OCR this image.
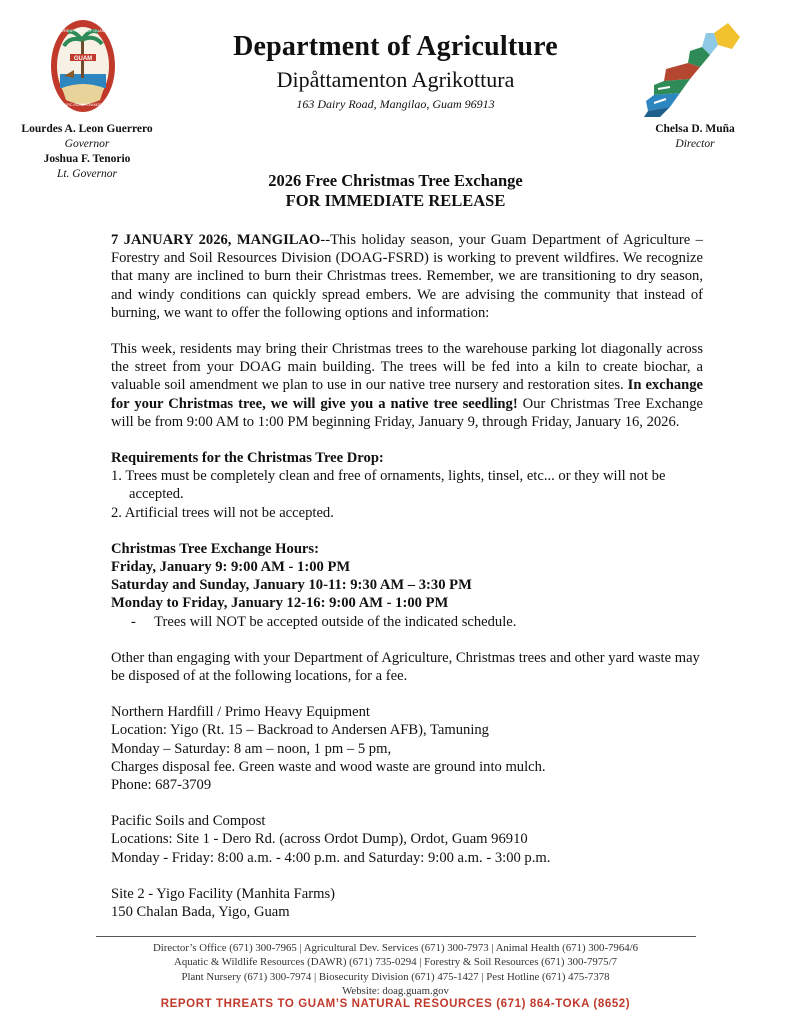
GUAM
GREAT SEAL OF GUAM
PACIFIC ISLAND CHAMORRO
Department of Agriculture
Dipåttamenton Agrikottura
163 Dairy Road, Mangilao, Guam 96913
Lourdes A. Leon Guerrero
Governor
Joshua F. Tenorio
Lt. Governor
Chelsa D. Muña
Director
2026 Free Christmas Tree Exchange
FOR IMMEDIATE RELEASE

7 JANUARY 2026, MANGILAO--This holiday season, your Guam Department of Agriculture – Forestry and Soil Resources Division (DOAG-FSRD) is working to prevent wildfires. We recognize that many are inclined to burn their Christmas trees. Remember, we are transitioning to dry season, and windy conditions can quickly spread embers. We are advising the community that instead of burning, we want to offer the following options and information:

This week, residents may bring their Christmas trees to the warehouse parking lot diagonally across the street from your DOAG main building. The trees will be fed into a kiln to create biochar, a valuable soil amendment we plan to use in our native tree nursery and restoration sites. In exchange for your Christmas tree, we will give you a native tree seedling! Our Christmas Tree Exchange will be from 9:00 AM to 1:00 PM beginning Friday, January 9, through Friday, January 16, 2026.

Requirements for the Christmas Tree Drop:

1. Trees must be completely clean and free of ornaments, lights, tinsel, etc... or they will not be accepted.

2. Artificial trees will not be accepted.

Christmas Tree Exchange Hours:

Friday, January 9: 9:00 AM - 1:00 PM

Saturday and Sunday, January 10-11: 9:30 AM – 3:30 PM

Monday to Friday, January 12-16: 9:00 AM - 1:00 PM

-     Trees will NOT be accepted outside of the indicated schedule.

Other than engaging with your Department of Agriculture, Christmas trees and other yard waste may be disposed of at the following locations, for a fee.

Northern Hardfill / Primo Heavy Equipment

Location: Yigo (Rt. 15 – Backroad to Andersen AFB), Tamuning

Monday – Saturday: 8 am – noon, 1 pm – 5 pm,

Charges disposal fee. Green waste and wood waste are ground into mulch.

Phone: 687-3709

Pacific Soils and Compost

Locations: Site 1 - Dero Rd. (across Ordot Dump), Ordot, Guam 96910

Monday - Friday: 8:00 a.m. - 4:00 p.m. and Saturday: 9:00 a.m. - 3:00 p.m.

Site 2 - Yigo Facility (Manhita Farms)

150 Chalan Bada, Yigo, Guam

Director’s Office (671) 300-7965 | Agricultural Dev. Services (671) 300-7973 | Animal Health (671) 300-7964/6
Aquatic & Wildlife Resources (DAWR) (671) 735-0294 | Forestry & Soil Resources (671) 300-7975/7
Plant Nursery (671) 300-7974 | Biosecurity Division (671) 475-1427 | Pest Hotline (671) 475-7378
Website: doag.guam.gov
REPORT THREATS TO GUAM’S NATURAL RESOURCES (671) 864-TOKA (8652)
